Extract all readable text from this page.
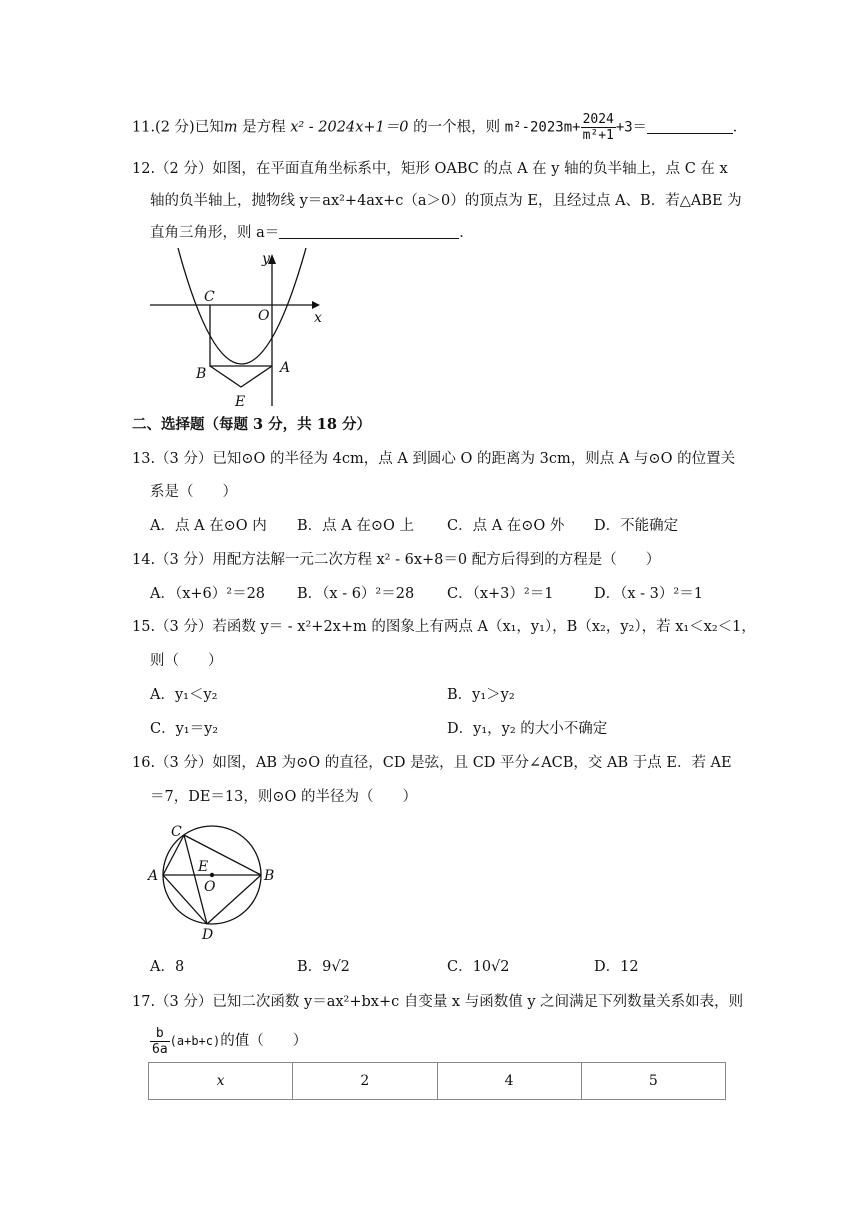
11.(2 分)已知m 是方程 x² ‑ 2024x+1＝0 的一个根，则 m²‑2023m+ $\frac{2024}{\text{m²+1}} +3=$	．
12.（2 分）如图，在平面直角坐标系中，矩形 OABC 的点 A 在 y 轴的负半轴上，点 C 在 x
轴的负半轴上，抛物线 y＝ax²+4ax+c（a＞0）的顶点为 E，且经过点 A、B．若△ABE 为
直角三角形，则 a＝	．
y
x
C
O
B	A
E
二、选择题（每题 3 分，共 18 分）
13.（3 分）已知⊙O 的半径为 4cm，点 A 到圆心 O 的距离为 3cm，则点 A 与⊙O 的位置关
系是（　　）
A．点 A 在⊙O 内 B．点 A 在⊙O 上 C．点 A 在⊙O 外 D．不能确定
14.（3 分）用配方法解一元二次方程 x² ‑ 6x+8＝0 配方后得到的方程是（　　）
A．（x+6）²＝28 B．（x ‑ 6）²＝28 C．（x+3）²＝1	D．（x ‑ 3）²＝1
15.（3 分）若函数 y＝ ‑ x²+2x+m 的图象上有两点 A（x₁，y₁），B（x₂，y₂），若 x₁＜x₂＜1，
则（　　）
A．y₁＜y₂	B．y₁＞y₂
C．y₁＝y₂	D．y₁，y₂ 的大小不确定
16.（3 分）如图，AB 为⊙O 的直径，CD 是弦，且 CD 平分∠ACB，交 AB 于点 E．若 AE
＝7，DE＝13，则⊙O 的半径为（　　）
C
E
A
O
B
D
A．8	B．9√2	C．10√2	D．12
17.（3 分）已知二次函数 y＝ax²+bx+c 自变量 x 与函数值 y 之间满足下列数量关系如表，则
$\frac{b}{6a} (a+b+c)$的值（　　）
x	2	4	5
